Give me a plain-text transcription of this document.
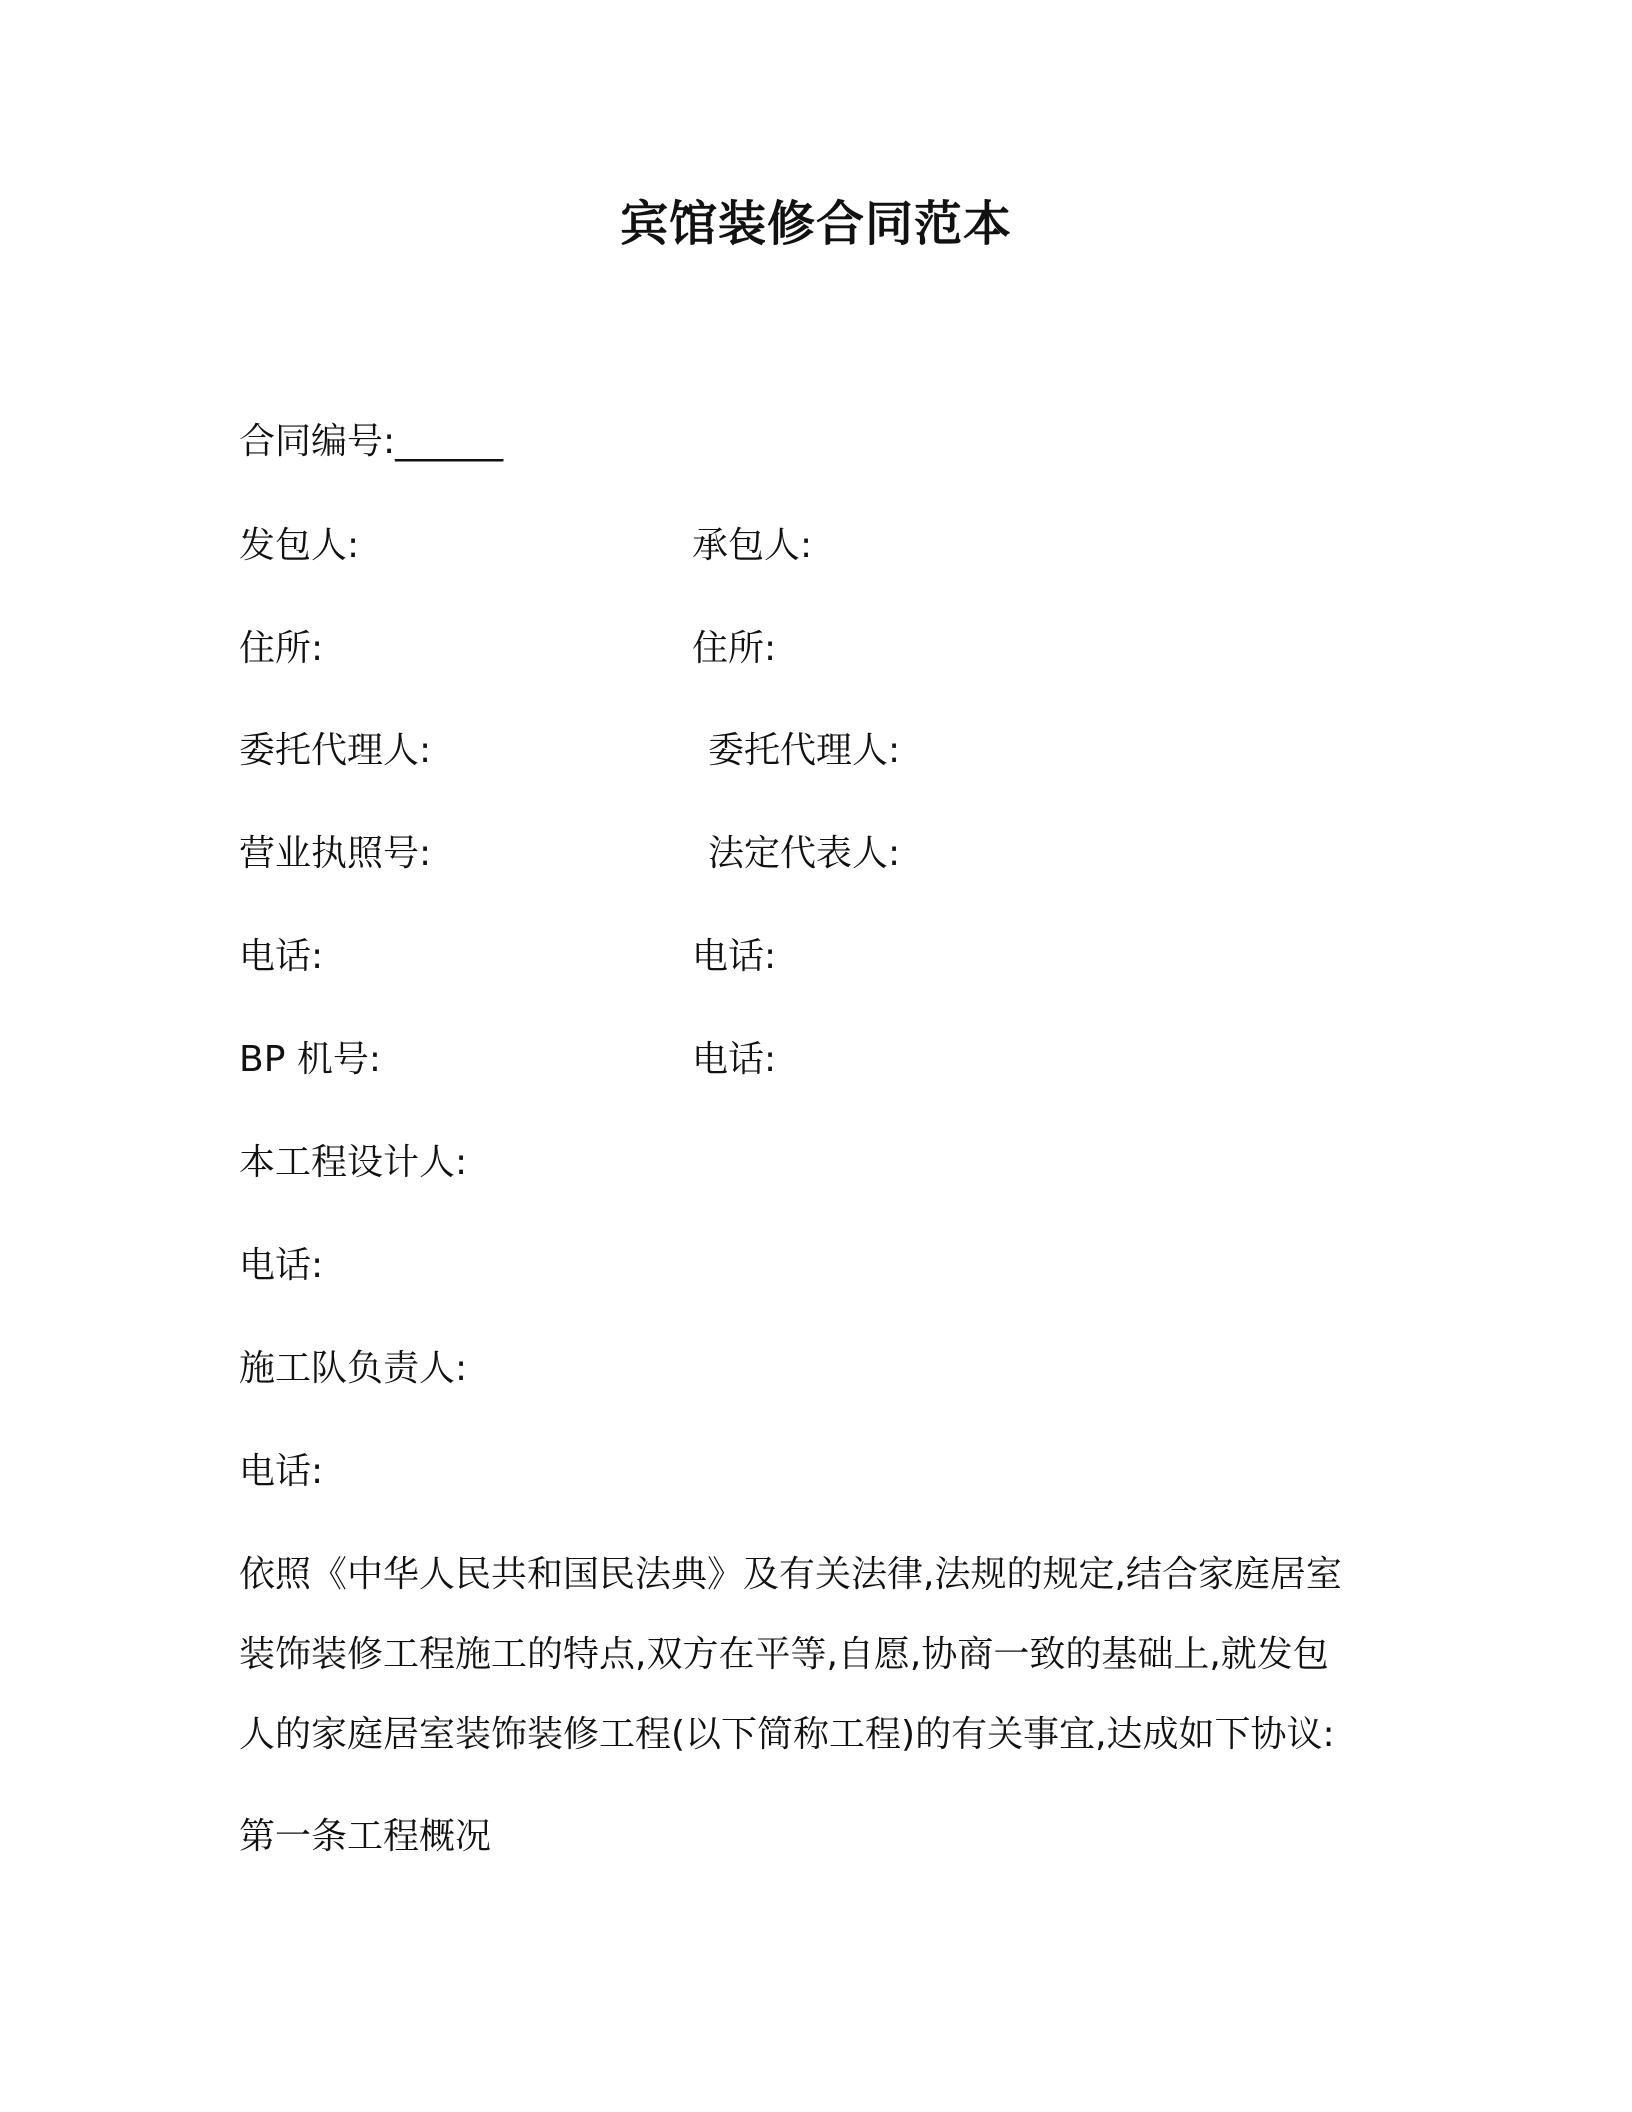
宾馆装修合同范本
合同编号:______
发包人:	承包人:
住所:	住所:
委托代理人:	委托代理人:
营业执照号:	法定代表人:
电话:	电话:
BP 机号:	电话:
本工程设计人:
电话:
施工队负责人:
电话:
依照《中华人民共和国民法典》及有关法律,法规的规定,结合家庭居室
装饰装修工程施工的特点,双方在平等,自愿,协商一致的基础上,就发包
人的家庭居室装饰装修工程(以下简称工程)的有关事宜,达成如下协议:
第一条工程概况
